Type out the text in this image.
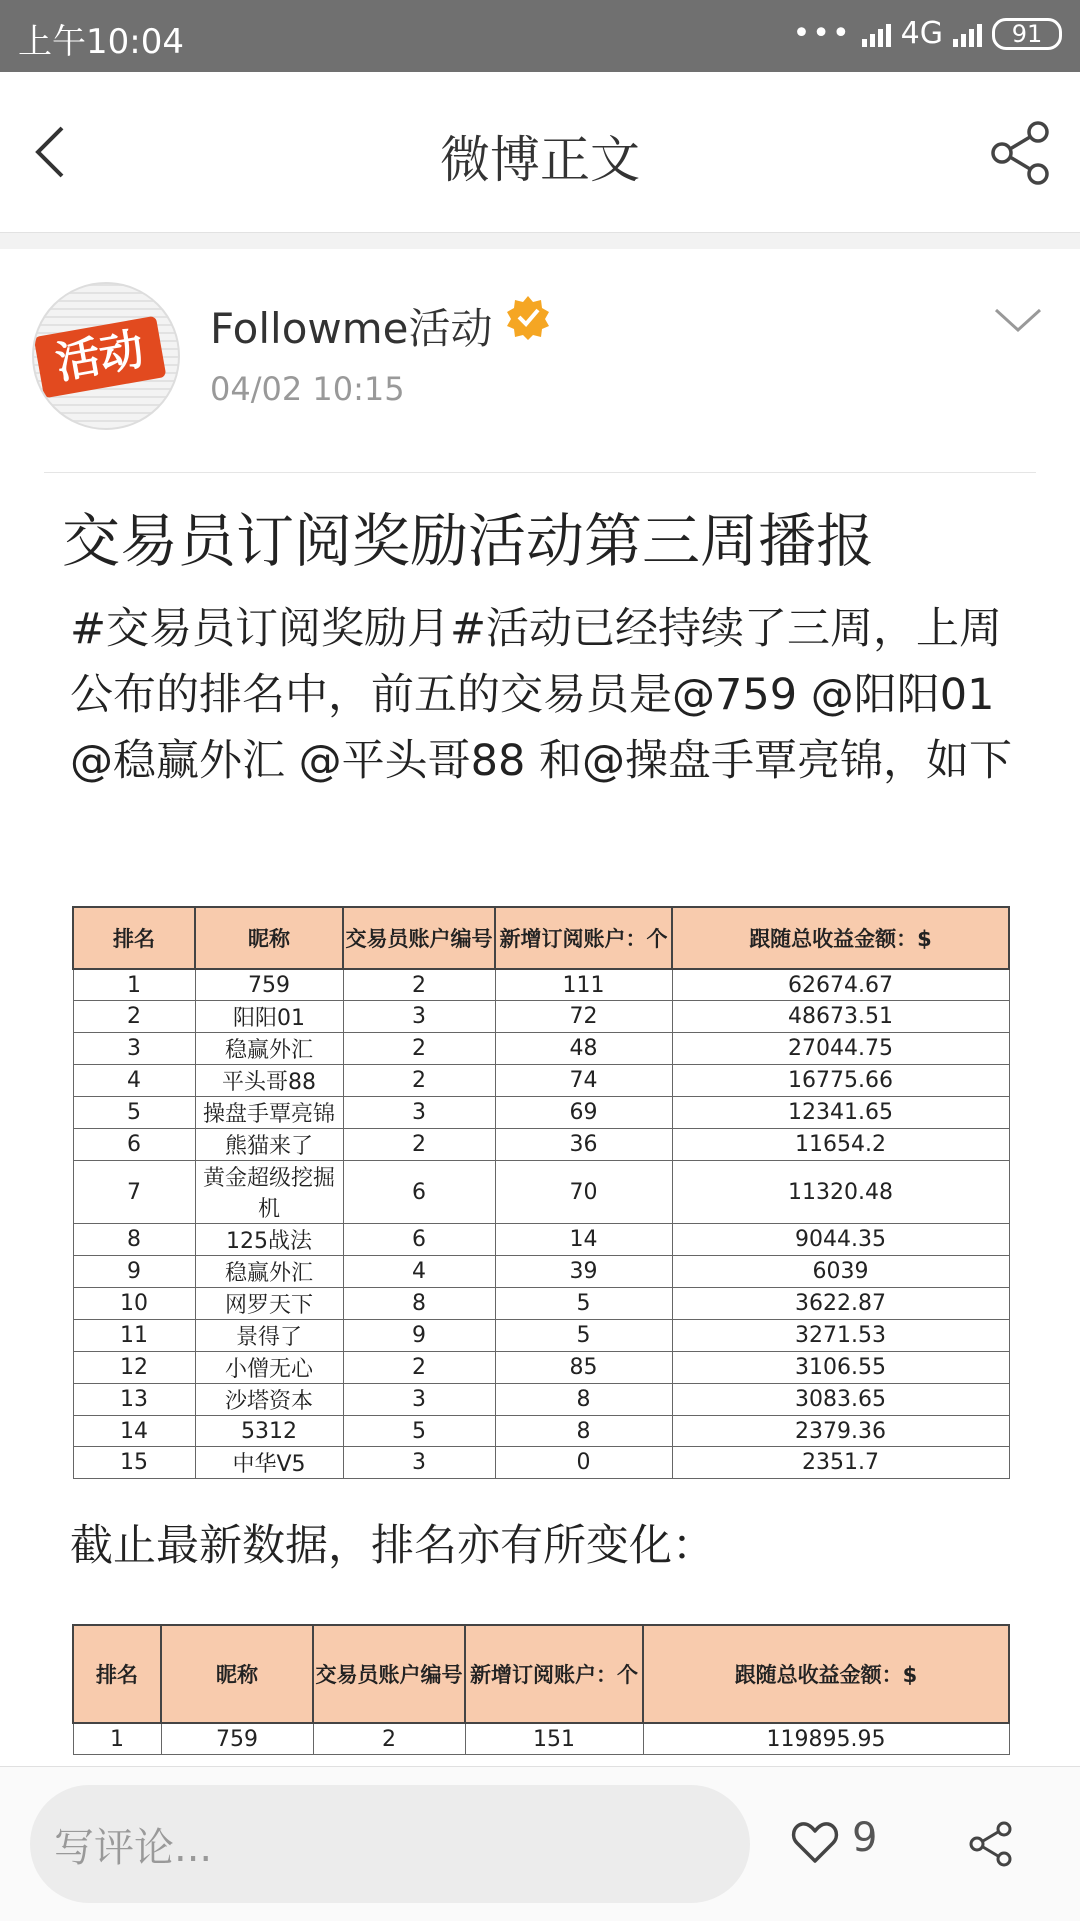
上午10:04	••• 4G	91
微博正文
活动	Followme活动
04/02 10:15
交易员订阅奖励活动第三周播报
#交易员订阅奖励月#活动已经持续了三周，上周公布的排名中，前五的交易员是@759 @阳阳01 @稳赢外汇 @平头哥88 和@操盘手覃亮锦，如下
排名	昵称	交易员账户编号	新增订阅账户：个	跟随总收益金额：$
1	759	2	111	62674.67
2	阳阳01	3	72	48673.51
3	稳赢外汇	2	48	27044.75
4	平头哥88	2	74	16775.66
5	操盘手覃亮锦	3	69	12341.65
6	熊猫来了	2	36	11654.2
7	黄金超级挖掘机	6	70	11320.48
8	125战法	6	14	9044.35
9	稳赢外汇	4	39	6039
10	网罗天下	8	5	3622.87
11	景得了	9	5	3271.53
12	小僧无心	2	85	3106.55
13	沙塔资本	3	8	3083.65
14	5312	5	8	2379.36
15	中华V5	3	0	2351.7
截止最新数据，排名亦有所变化：
排名	昵称	交易员账户编号	新增订阅账户：个	跟随总收益金额：$
1	759	2	151	119895.95
写评论...	9
